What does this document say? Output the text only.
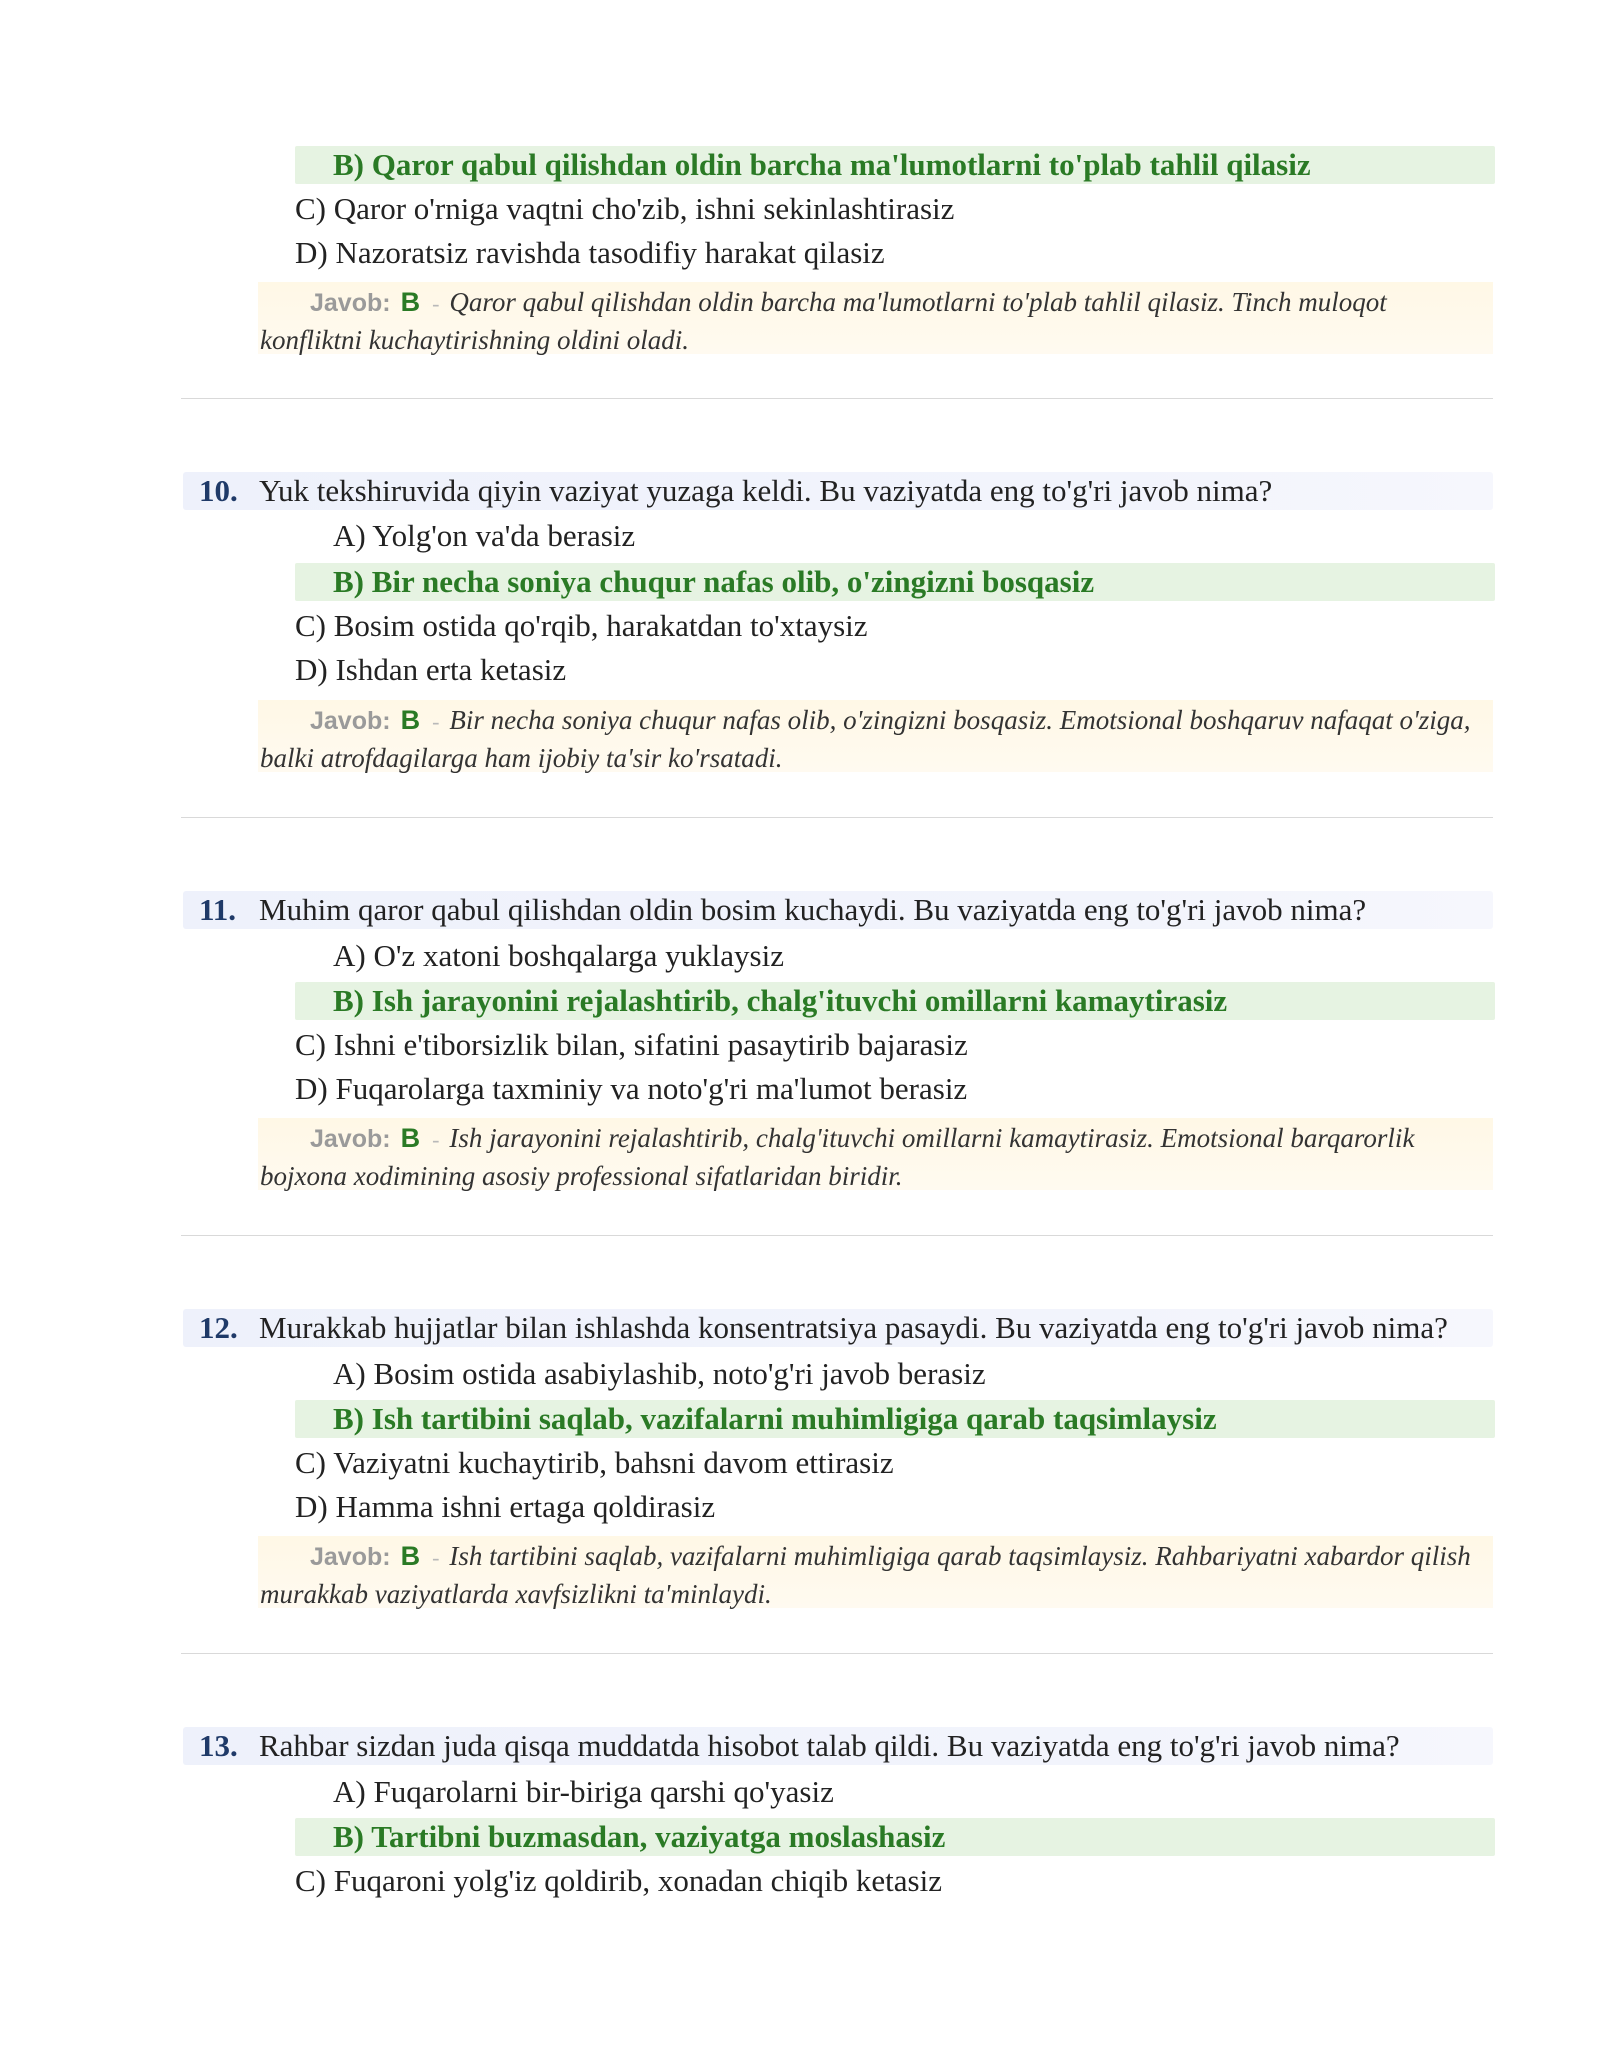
B) Qaror qabul qilishdan oldin barcha ma'lumotlarni to'plab tahlil qilasiz
C) Qaror o'rniga vaqtni cho'zib, ishni sekinlashtirasiz
D) Nazoratsiz ravishda tasodifiy harakat qilasiz
Javob: B - Qaror qabul qilishdan oldin barcha ma'lumotlarni to'plab tahlil qilasiz. Tinch muloqot konfliktni kuchaytirishning oldini oladi.
10. Yuk tekshiruvida qiyin vaziyat yuzaga keldi. Bu vaziyatda eng to'g'ri javob nima?
A) Yolg'on va'da berasiz
B) Bir necha soniya chuqur nafas olib, o'zingizni bosqasiz
C) Bosim ostida qo'rqib, harakatdan to'xtaysiz
D) Ishdan erta ketasiz
Javob: B - Bir necha soniya chuqur nafas olib, o'zingizni bosqasiz. Emotsional boshqaruv nafaqat o'ziga, balki atrofdagilarga ham ijobiy ta'sir ko'rsatadi.
11. Muhim qaror qabul qilishdan oldin bosim kuchaydi. Bu vaziyatda eng to'g'ri javob nima?
A) O'z xatoni boshqalarga yuklaysiz
B) Ish jarayonini rejalashtirib, chalg'ituvchi omillarni kamaytirasiz
C) Ishni e'tiborsizlik bilan, sifatini pasaytirib bajarasiz
D) Fuqarolarga taxminiy va noto'g'ri ma'lumot berasiz
Javob: B - Ish jarayonini rejalashtirib, chalg'ituvchi omillarni kamaytirasiz. Emotsional barqarorlik bojxona xodimining asosiy professional sifatlaridan biridir.
12. Murakkab hujjatlar bilan ishlashda konsentratsiya pasaydi. Bu vaziyatda eng to'g'ri javob nima?
A) Bosim ostida asabiylashib, noto'g'ri javob berasiz
B) Ish tartibini saqlab, vazifalarni muhimligiga qarab taqsimlaysiz
C) Vaziyatni kuchaytirib, bahsni davom ettirasiz
D) Hamma ishni ertaga qoldirasiz
Javob: B - Ish tartibini saqlab, vazifalarni muhimligiga qarab taqsimlaysiz. Rahbariyatni xabardor qilish murakkab vaziyatlarda xavfsizlikni ta'minlaydi.
13. Rahbar sizdan juda qisqa muddatda hisobot talab qildi. Bu vaziyatda eng to'g'ri javob nima?
A) Fuqarolarni bir-biriga qarshi qo'yasiz
B) Tartibni buzmasdan, vaziyatga moslashasiz
C) Fuqaroni yolg'iz qoldirib, xonadan chiqib ketasiz
